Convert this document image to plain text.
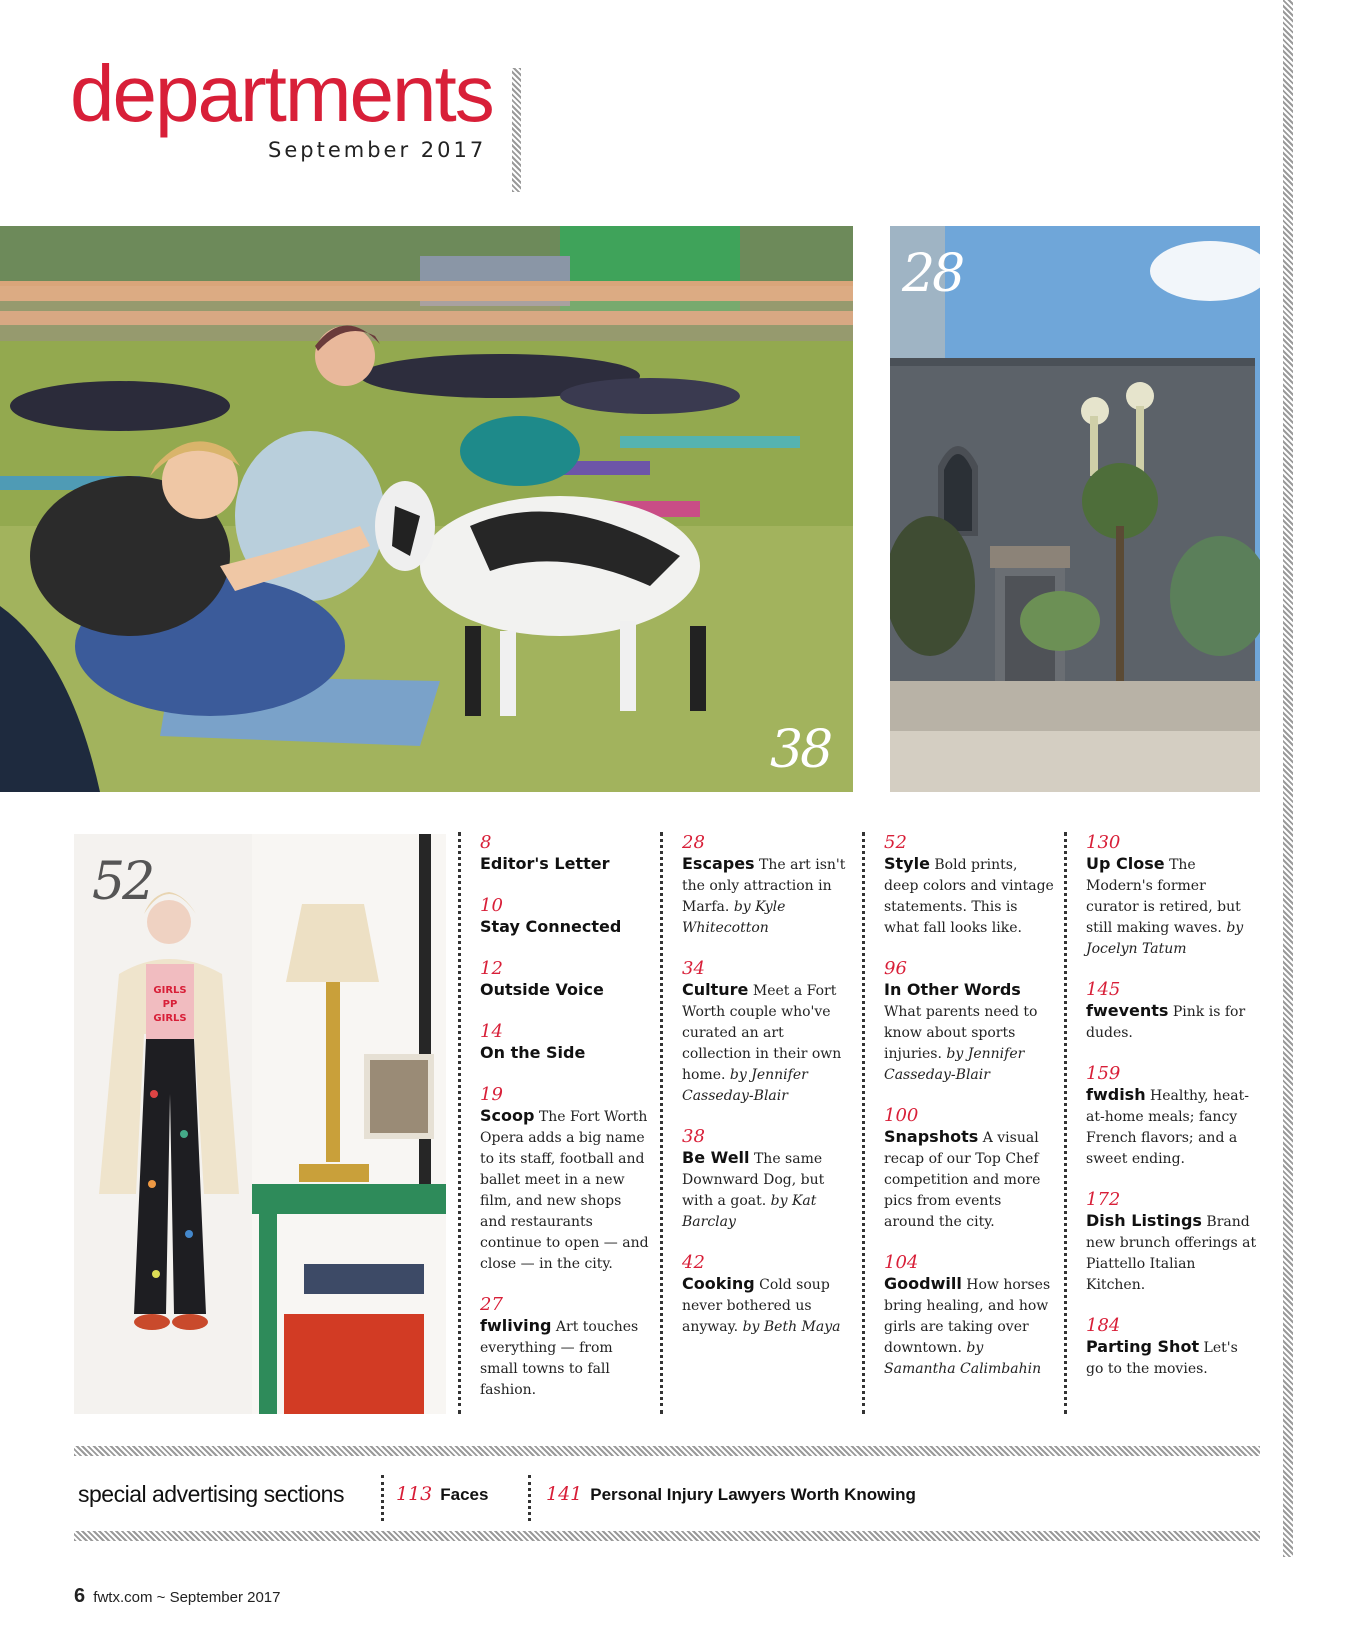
departments
September 2017
38
28
GIRLS
PP
GIRLS
52
8
Editor's Letter
10
Stay Connected
12
Outside Voice
14
On the Side
19
Scoop The Fort Worth Opera adds a big name to its staff, football and ballet meet in a new film, and new shops and restaurants continue to open — and close — in the city.
27
fwliving Art touches everything — from small towns to fall fashion.
28
Escapes The art isn't the only attraction in Marfa. by Kyle Whitecotton
34
Culture Meet a Fort Worth couple who've curated an art collection in their own home. by Jennifer Casseday-Blair
38
Be Well The same Downward Dog, but with a goat. by Kat Barclay
42
Cooking Cold soup never bothered us anyway. by Beth Maya
52
Style Bold prints, deep colors and vintage statements. This is what fall looks like.
96
In Other Words What parents need to know about sports injuries. by Jennifer Casseday-Blair
100
Snapshots A visual recap of our Top Chef competition and more pics from events around the city.
104
Goodwill How horses bring healing, and how girls are taking over downtown. by Samantha Calimbahin
130
Up Close The Modern's former curator is retired, but still making waves. by Jocelyn Tatum
145
fwevents Pink is for dudes.
159
fwdish Healthy, heat-at-home meals; fancy French flavors; and a sweet ending.
172
Dish Listings Brand new brunch offerings at Piattello Italian Kitchen.
184
Parting Shot Let's go to the movies.
special advertising sections	113 Faces	141 Personal Injury Lawyers Worth Knowing
6 fwtx.com ~ September 2017
